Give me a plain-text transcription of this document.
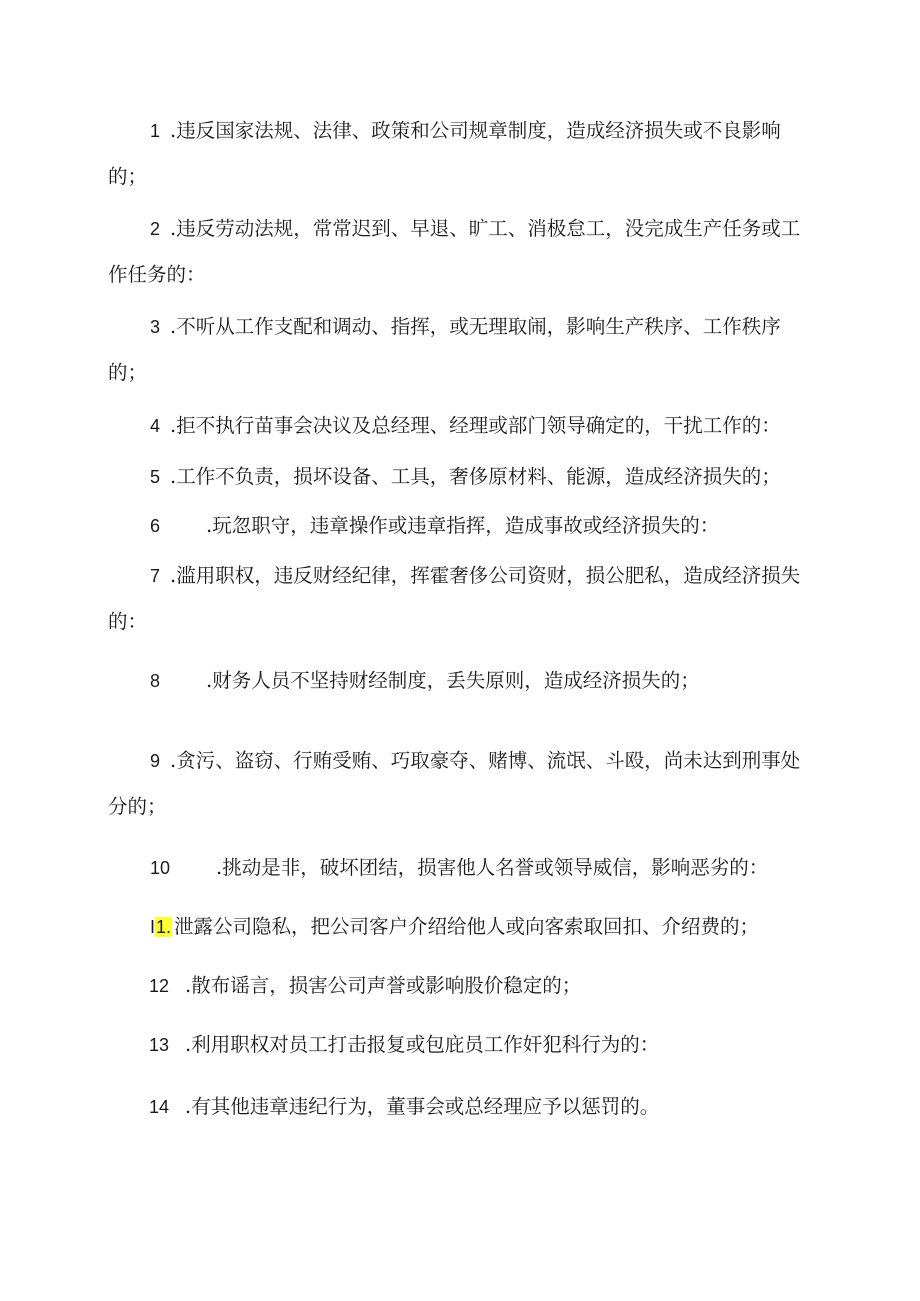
1 .违反国家法规、法律、政策和公司规章制度，造成经济损失或不良影响的；

2 .违反劳动法规，常常迟到、早退、旷工、消极怠工，没完成生产任务或工作任务的：

3 .不听从工作支配和调动、指挥，或无理取闹，影响生产秩序、工作秩序的；

4 .拒不执行苗事会决议及总经理、经理或部门领导确定的，干扰工作的：

5 .工作不负责，损坏设备、工具，奢侈原材料、能源，造成经济损失的；

6 .玩忽职守，违章操作或违章指挥，造成事故或经济损失的：

7 .滥用职权，违反财经纪律，挥霍奢侈公司资财，损公肥私，造成经济损失的：

8 .财务人员不坚持财经制度，丢失原则，造成经济损失的；

9 .贪污、盗窃、行贿受贿、巧取豪夺、赌博、流氓、斗殴，尚未达到刑事处分的；

10 .挑动是非，破坏团结，损害他人名誉或领导威信，影响恶劣的：

I1. 泄露公司隐私，把公司客户介绍给他人或向客索取回扣、介绍费的；

12 .散布谣言，损害公司声誉或影响股价稳定的；

13 .利用职权对员工打击报复或包庇员工作奸犯科行为的：

14 .有其他违章违纪行为，董事会或总经理应予以惩罚的。
